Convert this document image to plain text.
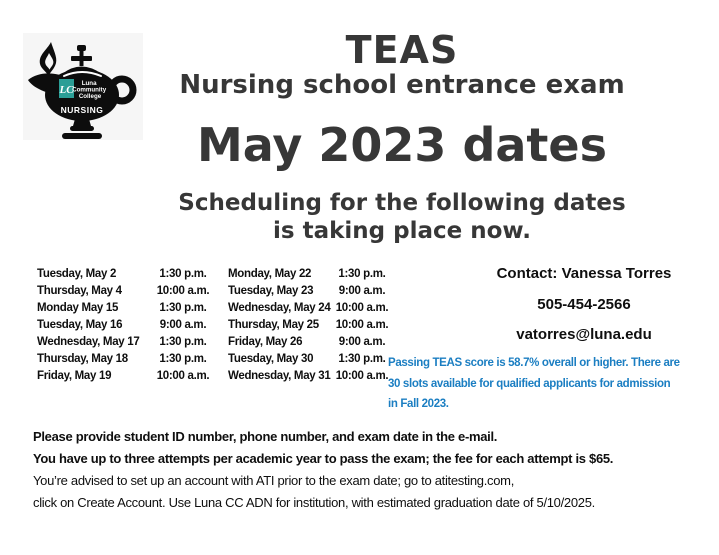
LC
Luna Community College
NURSING
TEAS
Nursing school entrance exam
May 2023 dates
Scheduling for the following dates
is taking place now.
Tuesday, May 2	1:30 p.m.
Thursday, May 4	10:00 a.m.
Monday May 15	1:30 p.m.
Tuesday, May 16	9:00 a.m.
Wednesday, May 17	1:30 p.m.
Thursday, May 18	1:30 p.m.
Friday, May 19	10:00 a.m.
Monday, May 22	1:30 p.m.
Tuesday, May 23	9:00 a.m.
Wednesday, May 24 10:00 a.m.
Thursday, May 25	10:00 a.m.
Friday, May 26	9:00 a.m.
Tuesday, May 30	1:30 p.m.
Wednesday, May 31 10:00 a.m.
Contact: Vanessa Torres
505-454-2566
vatorres@luna.edu
Passing TEAS score is 58.7% overall or higher. There are
30 slots available for qualified applicants for admission
in Fall 2023.
Please provide student ID number, phone number, and exam date in the e-mail.
You have up to three attempts per academic year to pass the exam; the fee for each attempt is $65.
You’re advised to set up an account with ATI prior to the exam date; go to atitesting.com,
click on Create Account. Use Luna CC ADN for institution, with estimated graduation date of 5/10/2025.
